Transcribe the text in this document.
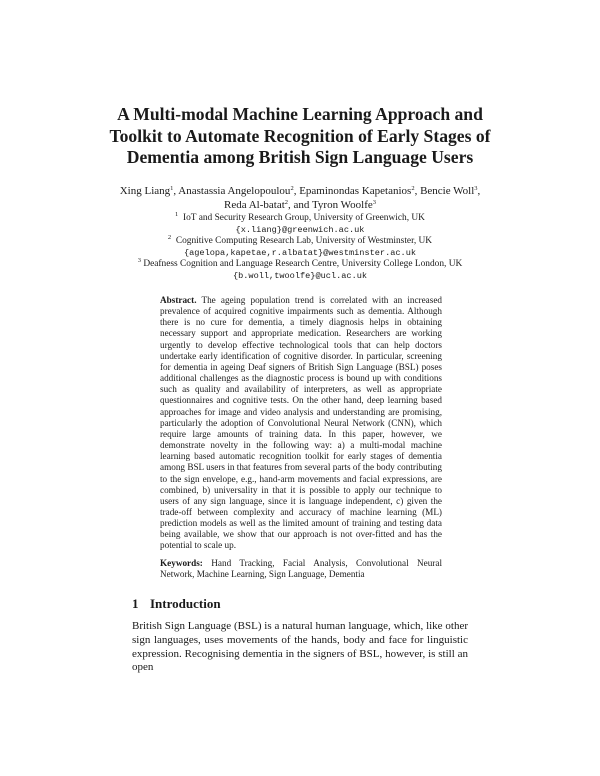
A Multi-modal Machine Learning Approach and Toolkit to Automate Recognition of Early Stages of Dementia among British Sign Language Users

Xing Liang$^1$, Anastassia Angelopoulou$^2$, Epaminondas Kapetanios$^2$, Bencie Woll$^3$, Reda Al-batat$^2$, and Tyron Woolfe$^3$

$^1$ IoT and Security Research Group, University of Greenwich, UK
{x.liang}@greenwich.ac.uk
$^2$ Cognitive Computing Research Lab, University of Westminster, UK
{agelopa,kapetae,r.albatat}@westminster.ac.uk
$^3$ Deafness Cognition and Language Research Centre, University College London, UK
{b.woll,twoolfe}@ucl.ac.uk

Abstract. The ageing population trend is correlated with an increased prevalence of acquired cognitive impairments such as dementia. Although there is no cure for dementia, a timely diagnosis helps in obtaining necessary support and appropriate medication. Researchers are working urgently to develop effective technological tools that can help doctors undertake early identification of cognitive disorder. In particular, screening for dementia in ageing Deaf signers of British Sign Language (BSL) poses additional challenges as the diagnostic process is bound up with conditions such as quality and availability of interpreters, as well as appropriate questionnaires and cognitive tests. On the other hand, deep learning based approaches for image and video analysis and understanding are promising, particularly the adoption of Convolutional Neural Network (CNN), which require large amounts of training data. In this paper, however, we demonstrate novelty in the following way: a) a multi-modal machine learning based automatic recognition toolkit for early stages of dementia among BSL users in that features from several parts of the body contributing to the sign envelope, e.g., hand-arm movements and facial expressions, are combined, b) universality in that it is possible to apply our technique to users of any sign language, since it is language independent, c) given the trade-off between complexity and accuracy of machine learning (ML) prediction models as well as the limited amount of training and testing data being available, we show that our approach is not over-fitted and has the potential to scale up.

Keywords: Hand Tracking, Facial Analysis, Convolutional Neural Network, Machine Learning, Sign Language, Dementia

1 Introduction

British Sign Language (BSL) is a natural human language, which, like other sign languages, uses movements of the hands, body and face for linguistic expression. Recognising dementia in the signers of BSL, however, is still an open
